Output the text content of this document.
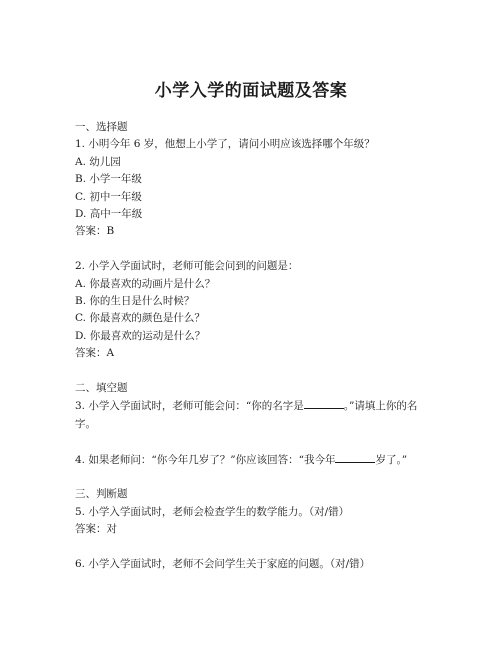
小学入学的面试题及答案
一、选择题
1. 小明今年 6 岁，他想上小学了，请问小明应该选择哪个年级？
A. 幼儿园
B. 小学一年级
C. 初中一年级
D. 高中一年级
答案：B
2. 小学入学面试时，老师可能会问到的问题是：
A. 你最喜欢的动画片是什么？
B. 你的生日是什么时候？
C. 你最喜欢的颜色是什么？
D. 你最喜欢的运动是什么？
答案：A
二、填空题
3. 小学入学面试时，老师可能会问：“你的名字是	。”请填上你的名字。
4. 如果老师问：“你今年几岁了？”你应该回答：“我今年	岁了。”
三、判断题
5. 小学入学面试时，老师会检查学生的数学能力。（对/错）
答案：对
6. 小学入学面试时，老师不会问学生关于家庭的问题。（对/错）
